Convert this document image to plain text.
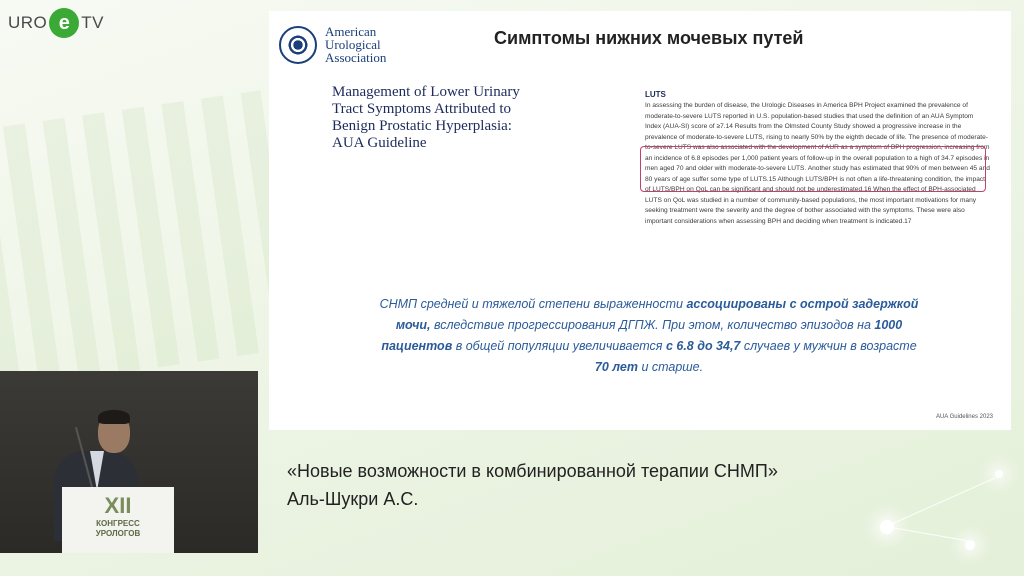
URO e TV	American
Urological
Association
Симптомы нижних мочевых путей
Management of Lower Urinary Tract Symptoms Attributed to Benign Prostatic Hyperplasia: AUA Guideline
LUTS

In assessing the burden of disease, the Urologic Diseases in America BPH Project examined the prevalence of moderate-to-severe LUTS reported in U.S. population-based studies that used the definition of an AUA Symptom Index (AUA-SI) score of ≥7.14 Results from the Olmsted County Study showed a progressive increase in the prevalence of moderate-to-severe LUTS, rising to nearly 50% by the eighth decade of life. The presence of moderate-to-severe LUTS was also associated with the development of AUR as a symptom of BPH progression, increasing from an incidence of 6.8 episodes per 1,000 patient years of follow-up in the overall population to a high of 34.7 episodes in men aged 70 and older with moderate-to-severe LUTS. Another study has estimated that 90% of men between 45 and 80 years of age suffer some type of LUTS.15 Although LUTS/BPH is not often a life-threatening condition, the impact of LUTS/BPH on QoL can be significant and should not be underestimated.16 When the effect of BPH-associated LUTS on QoL was studied in a number of community-based populations, the most important motivations for many seeking treatment were the severity and the degree of bother associated with the symptoms. These were also important considerations when assessing BPH and deciding when treatment is indicated.17

СНМП средней и тяжелой степени выраженности ассоциированы с острой задержкой мочи, вследствие прогрессирования ДГПЖ. При этом, количество эпизодов на 1000 пациентов в общей популяции увеличивается с 6.8 до 34,7 случаев у мужчин в возрасте 70 лет и старше.

AUA Guidelines 2023
XII
КОНГРЕСС
УРОЛОГОВ
«Новые возможности в комбинированной терапии СНМП»
Аль-Шукри А.С.
